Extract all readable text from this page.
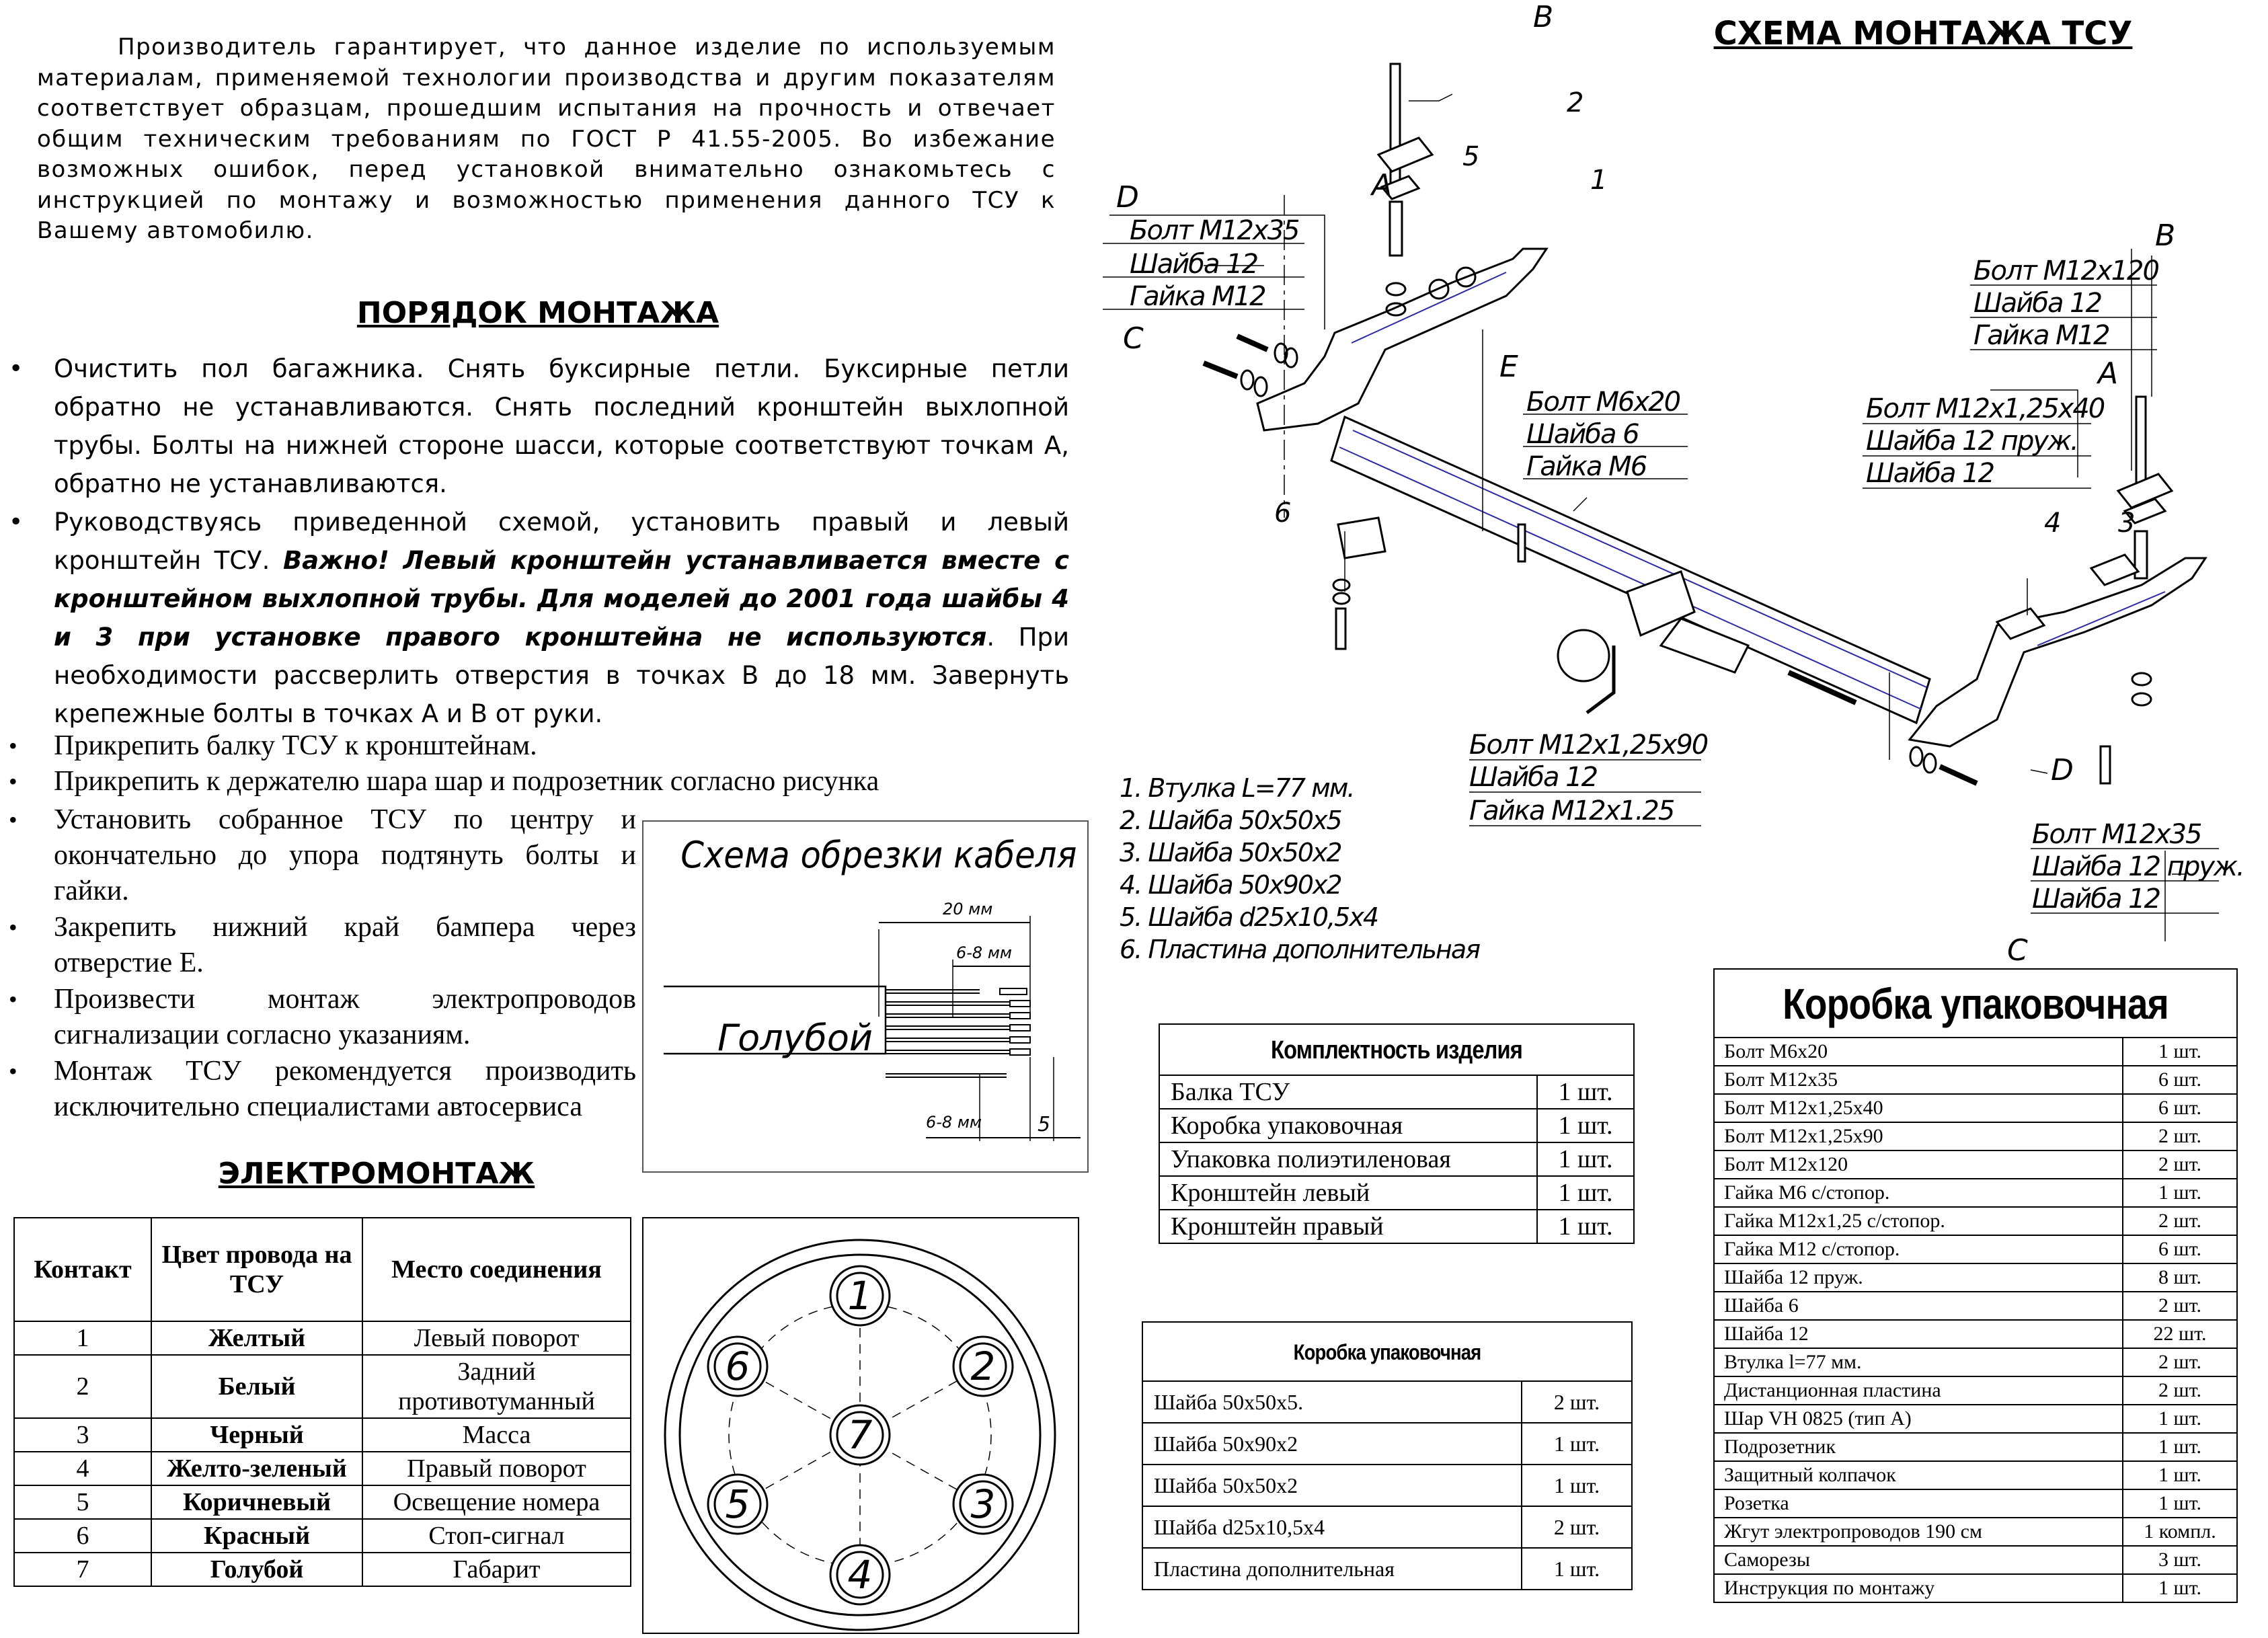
Производитель гарантирует, что данное изделие по используемым материалам, применяемой технологии производства и другим показателям соответствует образцам, прошедшим испытания на прочность и отвечает общим техническим требованиям по ГОСТ Р 41.55-2005. Во избежание возможных ошибок, перед установкой внимательно ознакомьтесь с инструкцией по монтажу и возможностью применения данного ТСУ к Вашему автомобилю.

ПОРЯДОК МОНТАЖА
• Очистить пол багажника. Снять буксирные петли. Буксирные петли обратно не устанавливаются. Снять последний кронштейн выхлопной трубы. Болты на нижней стороне шасси, которые соответствуют точкам А, обратно не устанавливаются.
• Руководствуясь приведенной схемой, установить правый и левый кронштейн ТСУ. Важно! Левый кронштейн устанавливается вместе с кронштейном выхлопной трубы. Для моделей до 2001 года шайбы 4 и 3 при установке правого кронштейна не используются. При необходимости рассверлить отверстия в точках В до 18 мм. Завернуть крепежные болты в точках А и В от руки.
• Прикрепить балку ТСУ к кронштейнам.
• Прикрепить к держателю шара шар и подрозетник согласно рисунка
• Установить собранное ТСУ по центру и окончательно до упора подтянуть болты и гайки.
• Закрепить нижний край бампера через отверстие Е.
• Произвести монтаж электропроводов сигнализации согласно указаниям.
• Монтаж ТСУ рекомендуется производить исключительно специалистами автосервиса
Схема обрезки кабеля
20 мм
6-8 мм
Голубой
6-8 мм	5
ЭЛЕКТРОМОНТАЖ
Контакт	Цвет провода на ТСУ	Место соединения
1	Желтый	Левый поворот
2	Белый	Задний противотуманный
3	Черный	Масса
4	Желто-зеленый	Правый поворот
5	Коричневый	Освещение номера
6	Красный	Стоп-сигнал
7	Голубой	Габарит
1
2
3
4
5
6
7
СХЕМА МОНТАЖА ТСУ
D
Болт М12х35
Шайба 12
Гайка М12
C
A
B
2
5
1
6
E
Болт М6х20
Шайба 6
Гайка М6
B
Болт М12х120
Шайба 12
Гайка М12
A
Болт М12х1,25х40
Шайба 12 пруж.
Шайба 12
4 3
Болт М12х1,25х90
Шайба 12
Гайка М12х1.25
D
Болт М12х35
Шайба 12 пруж.
Шайба 12
C
1. Втулка L=77 мм.
2. Шайба 50х50х5
3. Шайба 50х50х2
4. Шайба 50х90х2
5. Шайба d25х10,5х4
6. Пластина дополнительная
Комплектность изделия	
Балка ТСУ	1 шт.
Коробка упаковочная	1 шт.
Упаковка полиэтиленовая	1 шт.
Кронштейн левый	1 шт.
Кронштейн правый	1 шт.
Коробка упаковочная	
Шайба 50х50х5.	2 шт.
Шайба 50х90х2	1 шт.
Шайба 50х50х2	1 шт.
Шайба d25х10,5х4	2 шт.
Пластина дополнительная	1 шт.
Коробка упаковочная	
Болт М6х20	1 шт.
Болт М12х35	6 шт.
Болт М12х1,25х40	6 шт.
Болт М12х1,25х90	2 шт.
Болт М12х120	2 шт.
Гайка М6 с/стопор.	1 шт.
Гайка М12х1,25 с/стопор.	2 шт.
Гайка М12 с/стопор.	6 шт.
Шайба 12 пруж.	8 шт.
Шайба 6	2 шт.
Шайба 12	22 шт.
Втулка l=77 мм.	2 шт.
Дистанционная пластина	2 шт.
Шар VH 0825 (тип А)	1 шт.
Подрозетник	1 шт.
Защитный колпачок	1 шт.
Розетка	1 шт.
Жгут электропроводов 190 см	1 компл.
Саморезы	3 шт.
Инструкция по монтажу	1 шт.
